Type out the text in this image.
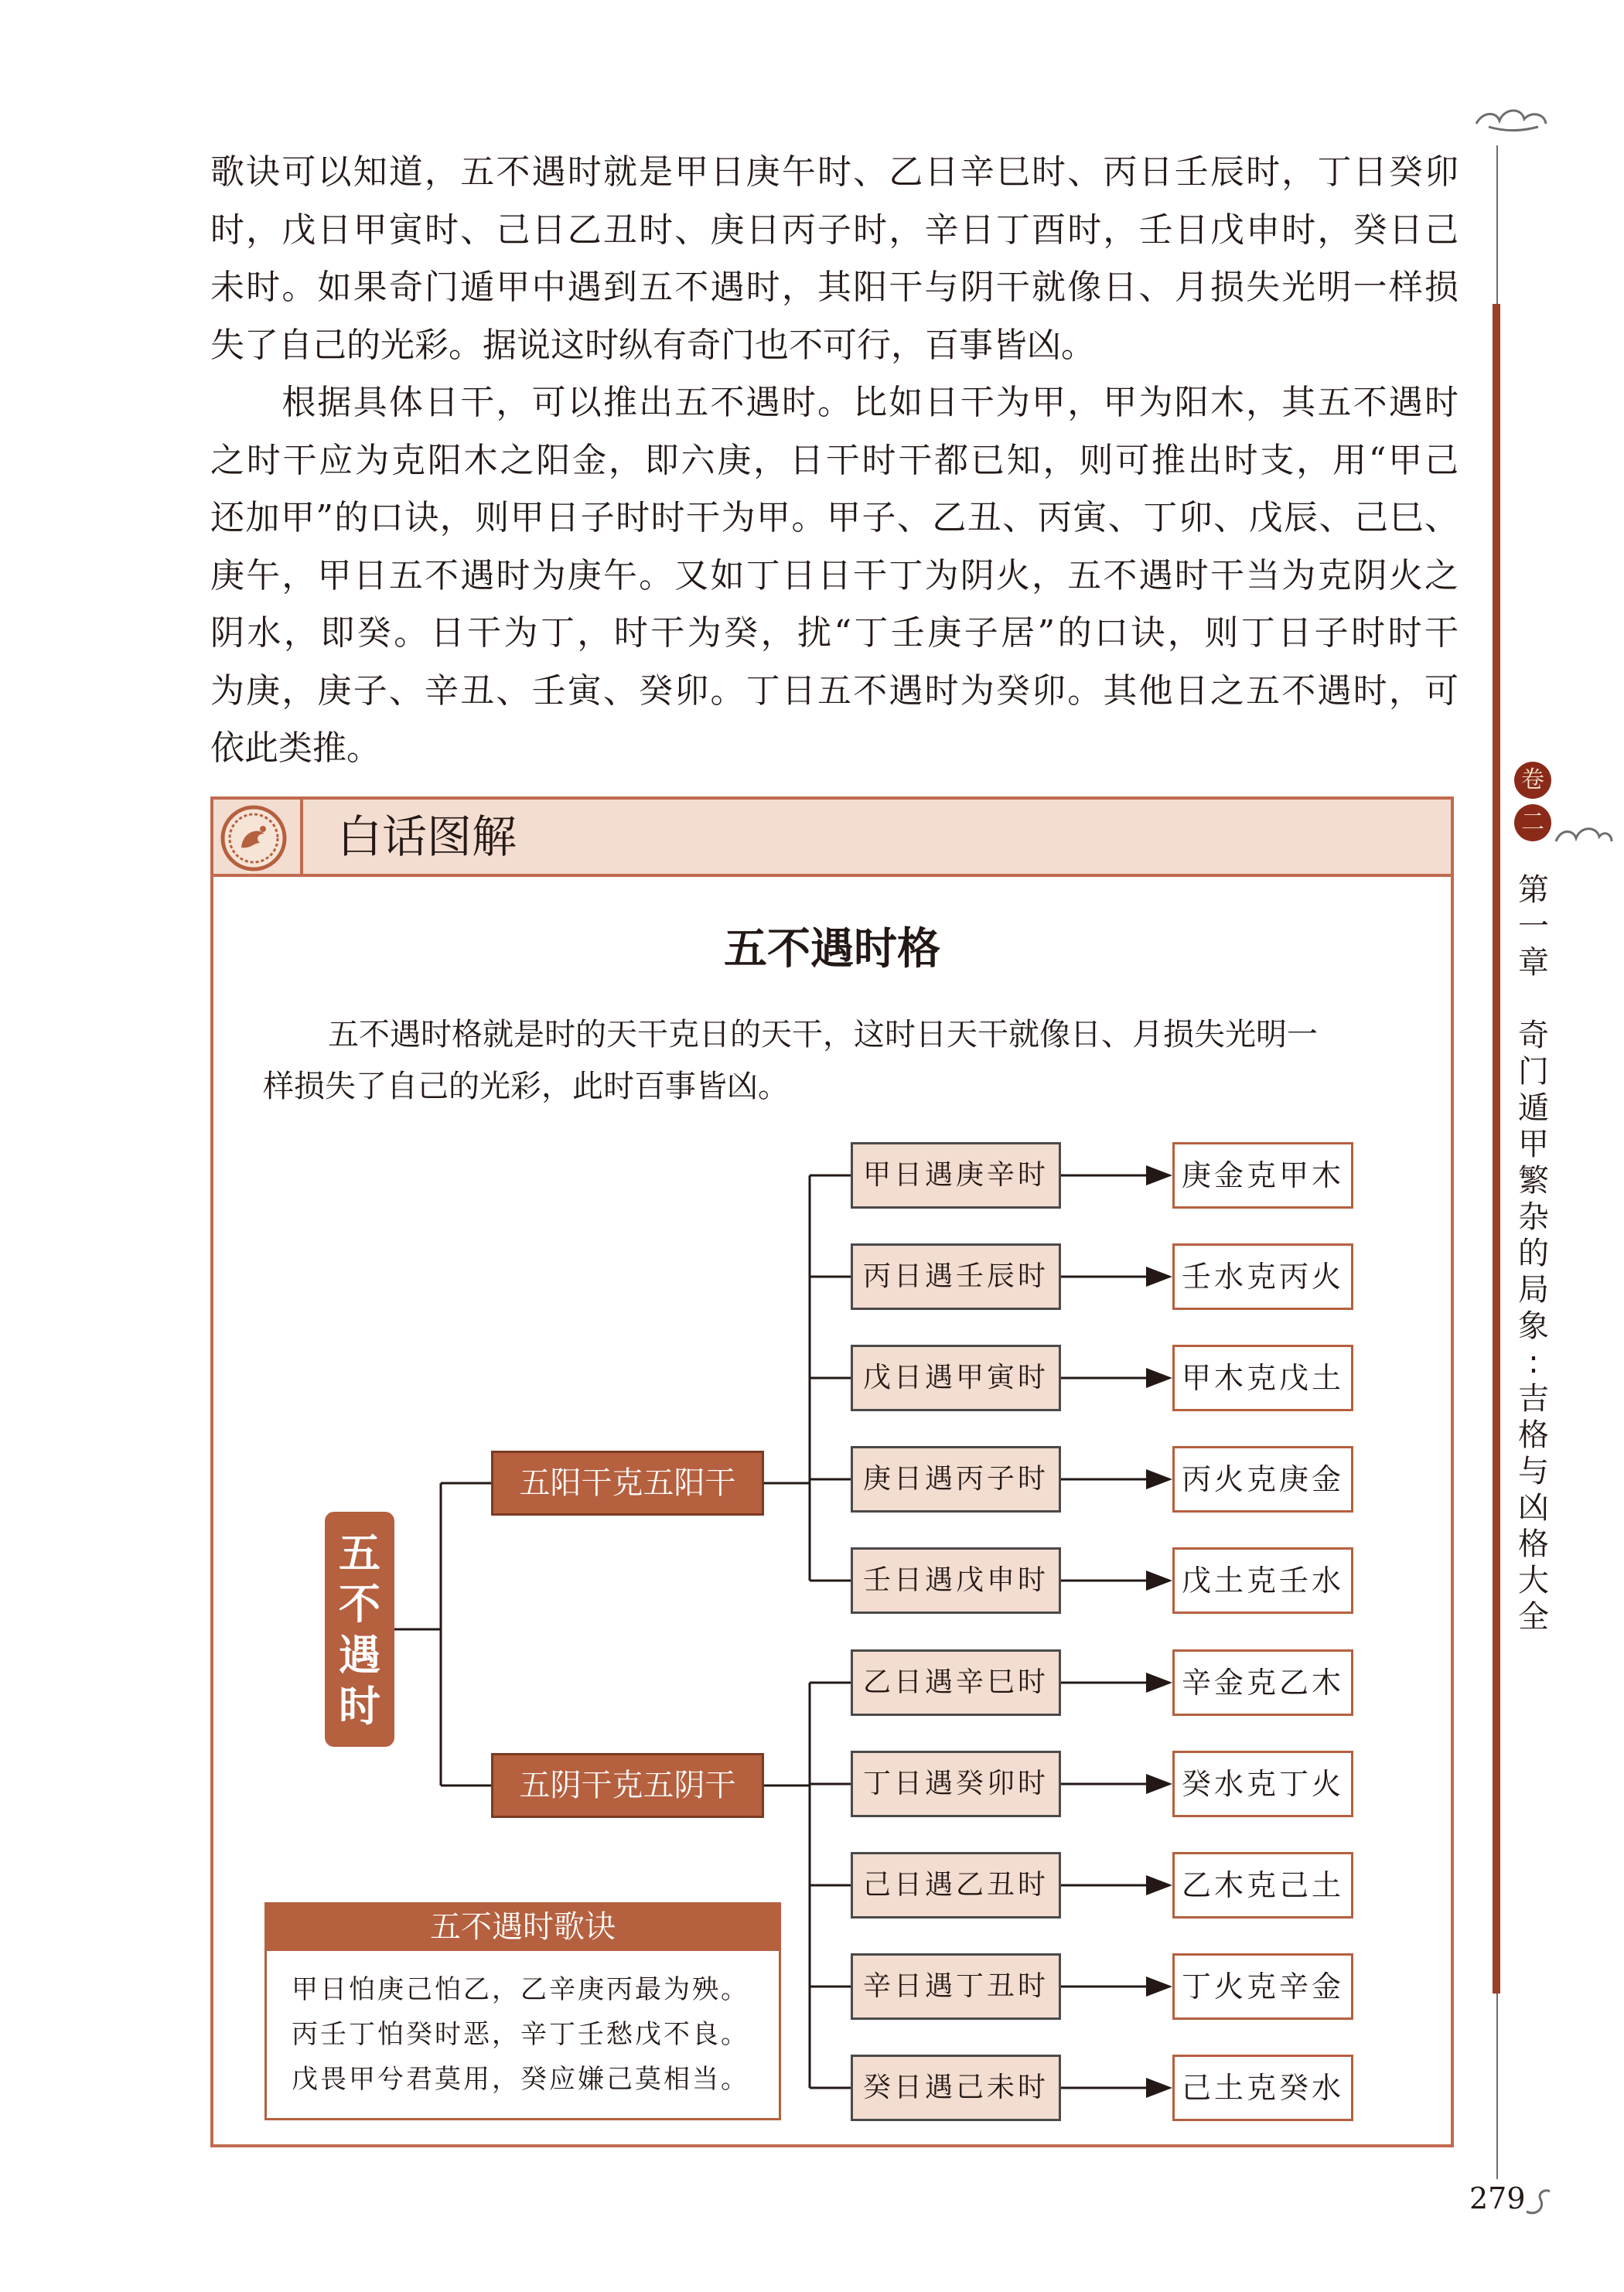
卷
二
第
一
章

奇
门
遁
甲
繁
杂
的
局
象
:
吉
格
与
凶
格
大
全
歌诀可以知道，五不遇时就是甲日庚午时、乙日辛巳时、丙日壬辰时，丁日癸卯
时，戊日甲寅时、己日乙丑时、庚日丙子时，辛日丁酉时，壬日戊申时，癸日己
未时。如果奇门遁甲中遇到五不遇时，其阳干与阴干就像日、月损失光明一样损
失了自己的光彩。据说这时纵有奇门也不可行，百事皆凶。
　　根据具体日干，可以推出五不遇时。比如日干为甲，甲为阳木，其五不遇时
之时干应为克阳木之阳金，即六庚，日干时干都已知，则可推出时支，用“甲己
还加甲”的口诀，则甲日子时时干为甲。甲子、乙丑、丙寅、丁卯、戊辰、己巳、
庚午，甲日五不遇时为庚午。又如丁日日干丁为阴火，五不遇时干当为克阴火之
阴水，即癸。日干为丁，时干为癸，扰“丁壬庚子居”的口诀，则丁日子时时干
为庚，庚子、辛丑、壬寅、癸卯。丁日五不遇时为癸卯。其他日之五不遇时，可
依此类推。
白话图解
五不遇时格

五不遇时格就是时的天干克日的天干，这时日天干就像日、月损失光明一
样损失了自己的光彩，此时百事皆凶。

五
不
遇
时
五阳干克五阳干
五阴干克五阴干
甲日遇庚辛时
丙日遇壬辰时
戊日遇甲寅时
庚日遇丙子时
壬日遇戊申时
乙日遇辛巳时
丁日遇癸卯时
己日遇乙丑时
辛日遇丁丑时
癸日遇己未时
庚金克甲木
壬水克丙火
甲木克戊土
丙火克庚金
戊土克壬水
辛金克乙木
癸水克丁火
乙木克己土
丁火克辛金
己土克癸水
五不遇时歌诀
甲日怕庚己怕乙，乙辛庚丙最为殃。
丙壬丁怕癸时恶，辛丁壬愁戊不良。
戊畏甲兮君莫用，癸应嫌己莫相当。
279
